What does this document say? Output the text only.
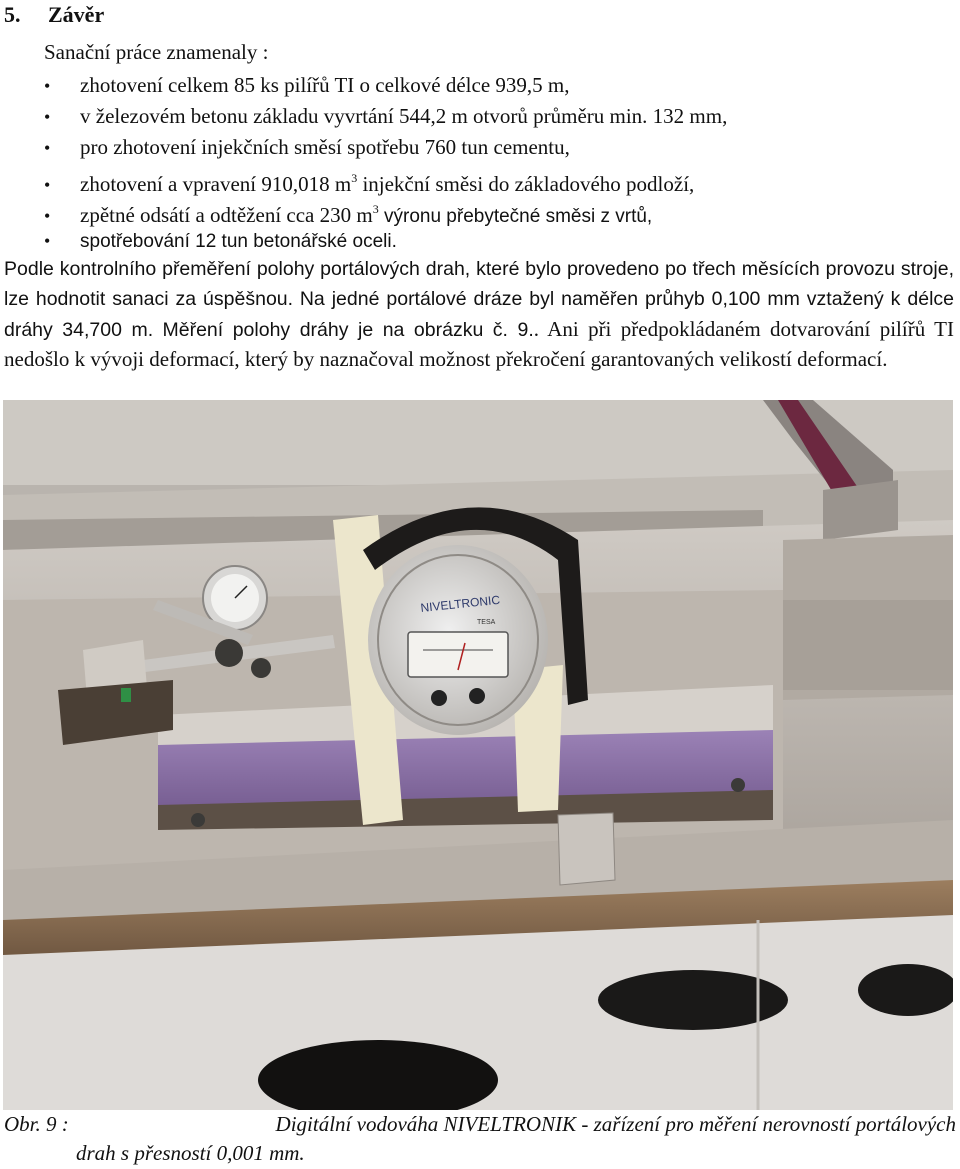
5. Závěr
Sanační práce znamenaly :
•zhotovení celkem 85 ks pilířů TI o celkové délce 939,5 m,
•v železovém betonu základu vyvrtání 544,2 m otvorů průměru min. 132 mm,
•pro zhotovení injekčních směsí spotřebu 760 tun cementu,
•zhotovení a vpravení 910,018 $m^3$ injekční směsi do základového podloží,
•zpětné odsátí a odtěžení cca 230 $m^3$ výronu přebytečné směsi z vrtů,
•spotřebování 12 tun betonářské oceli.

Podle kontrolního přeměření polohy portálových drah, které bylo provedeno po třech měsících provozu stroje, lze hodnotit sanaci za úspěšnou. Na jedné portálové dráze byl naměřen průhyb 0,100 mm vztažený k délce dráhy 34,700 m. Měření polohy dráhy je na obrázku č. 9.. Ani při předpokládaném dotvarování pilířů TI nedošlo k vývoji deformací, který by naznačoval možnost překročení garantovaných velikostí deformací.

NIVELTRONIC
TESA
Obr. 9 :	Digitální vodováha NIVELTRONIK - zařízení pro měření nerovností portálových
drah s přesností 0,001 mm.
